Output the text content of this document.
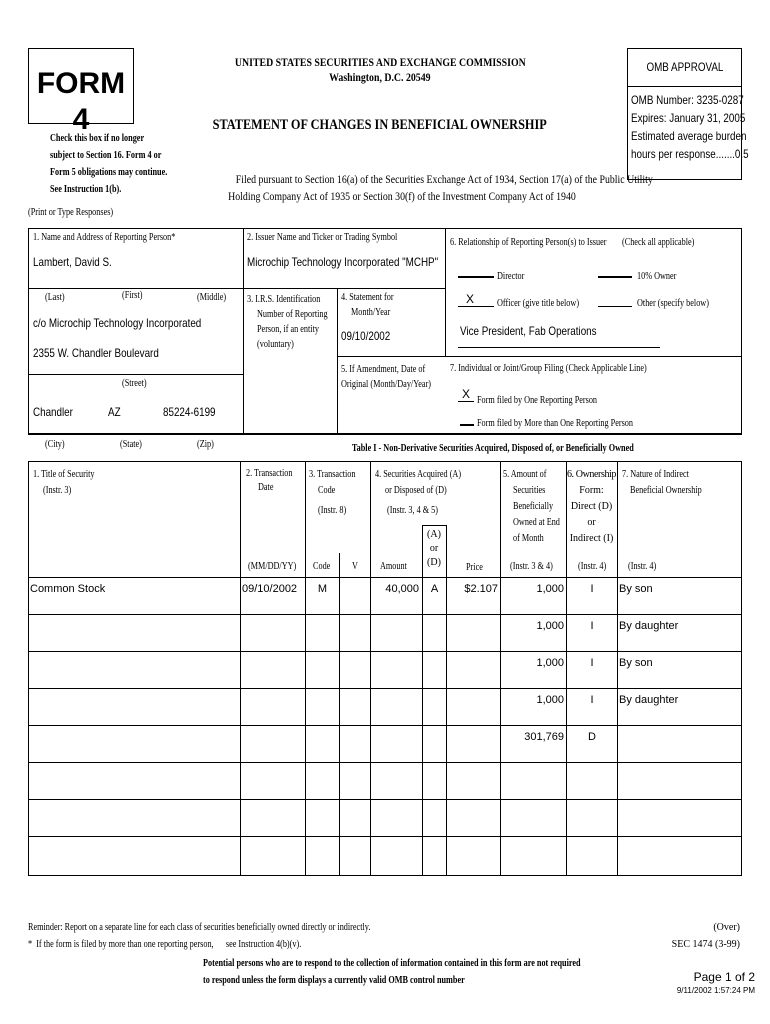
FORM 4
UNITED STATES SECURITIES AND EXCHANGE COMMISSION
Washington, D.C. 20549
STATEMENT OF CHANGES IN BENEFICIAL OWNERSHIP
Check this box if no longer
subject to Section 16. Form 4 or
Form 5 obligations may continue.
See Instruction 1(b).
Filed pursuant to Section 16(a) of the Securities Exchange Act of 1934, Section 17(a) of the Public Utility
Holding Company Act of 1935 or Section 30(f) of the Investment Company Act of 1940
OMB APPROVAL
OMB Number: 3235-0287
Expires: January 31, 2005
Estimated average burden
hours per response.......0.5
(Print or Type Responses)
1. Name and Address of Reporting Person*
Lambert, David S.
(Last)	(First)	(Middle)
c/o Microchip Technology Incorporated
2355 W. Chandler Boulevard
(Street)
Chandler	AZ	85224-6199
(City)	(State)	(Zip)
2. Issuer Name and Ticker or Trading Symbol
Microchip Technology Incorporated "MCHP"
3. I.R.S. Identification
Number of Reporting
Person, if an entity
(voluntary)
4. Statement for
Month/Year
09/10/2002
5. If Amendment, Date of
Original (Month/Day/Year)
6. Relationship of Reporting Person(s) to Issuer (Check all applicable)
Director	10% Owner
X Officer (give title below)	Other (specify below)
Vice President, Fab Operations
7. Individual or Joint/Group Filing (Check Applicable Line)
X Form filed by One Reporting Person
Form filed by More than One Reporting Person
Table I - Non-Derivative Securities Acquired, Disposed of, or Beneficially Owned
1. Title of Security
(Instr. 3)
2. Transaction
Date
3. Transaction
Code
(Instr. 8)
4. Securities Acquired (A)
or Disposed of (D)
(Instr. 3, 4 & 5)
(A)
or
(D)
5. Amount of
Securities
Beneficially
Owned at End
of Month
6. Ownership
Form:
Direct (D)
or
Indirect (I)
7. Nature of Indirect
Beneficial Ownership
(MM/DD/YY) Code V Amount	Price	(Instr. 3 & 4)	(Instr. 4) (Instr. 4)
Common Stock	09/10/2002	M	40,000	A	$2.107	1,000	I	By son
1,000	I	By daughter
1,000	I	By son
1,000	I	By daughter
301,769	D
Reminder: Report on a separate line for each class of securities beneficially owned directly or indirectly.
*  If the form is filed by more than one reporting person,      see Instruction 4(b)(v).
(Over)
SEC 1474 (3-99)
Potential persons who are to respond to the collection of information contained in this form are not required
to respond unless the form displays a currently valid OMB control number	Page 1 of 2
9/11/2002 1:57:24 PM
